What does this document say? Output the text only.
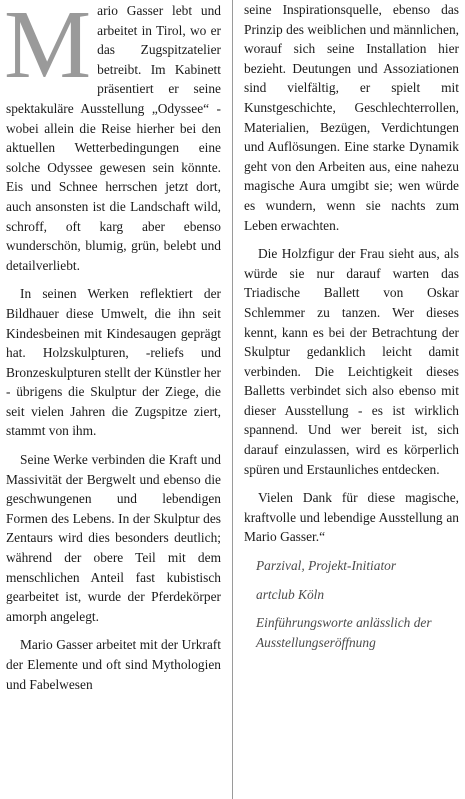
Mario Gasser lebt und arbeitet in Tirol, wo er das Zugspitzatelier betreibt. Im Kabinett präsentiert er seine spektakuläre Ausstellung „Odyssee“ - wobei allein die Reise hierher bei den aktuellen Wetterbedingungen eine solche Odyssee gewesen sein könnte. Eis und Schnee herrschen jetzt dort, auch ansonsten ist die Landschaft wild, schroff, oft karg aber ebenso wunderschön, blumig, grün, belebt und detailverliebt.

In seinen Werken reflektiert der Bildhauer diese Umwelt, die ihn seit Kindesbeinen mit Kindesaugen geprägt hat. Holzskulpturen, -reliefs und Bronzeskulpturen stellt der Künstler her - übrigens die Skulptur der Ziege, die seit vielen Jahren die Zugspitze ziert, stammt von ihm.

Seine Werke verbinden die Kraft und Massivität der Bergwelt und ebenso die geschwungenen und lebendigen Formen des Lebens. In der Skulptur des Zentaurs wird dies besonders deutlich; während der obere Teil mit dem menschlichen Anteil fast kubistisch gearbeitet ist, wurde der Pferdekörper amorph angelegt.

Mario Gasser arbeitet mit der Urkraft der Elemente und oft sind Mythologien und Fabelwesen

seine Inspirationsquelle, ebenso das Prinzip des weiblichen und männlichen, worauf sich seine Installation hier bezieht. Deutungen und Assoziationen sind vielfältig, er spielt mit Kunstgeschichte, Geschlechterrollen, Materialien, Bezügen, Verdichtungen und Auflösungen. Eine starke Dynamik geht von den Arbeiten aus, eine nahezu magische Aura umgibt sie; wen würde es wundern, wenn sie nachts zum Leben erwachten.

Die Holzfigur der Frau sieht aus, als würde sie nur darauf warten das Triadische Ballett von Oskar Schlemmer zu tanzen. Wer dieses kennt, kann es bei der Betrachtung der Skulptur gedanklich leicht damit verbinden. Die Leichtigkeit dieses Balletts verbindet sich also ebenso mit dieser Ausstellung - es ist wirklich spannend. Und wer bereit ist, sich darauf einzulassen, wird es körperlich spüren und Erstaunliches entdecken.

Vielen Dank für diese magische, kraftvolle und lebendige Ausstellung an Mario Gasser.“

Parzival, Projekt-Initiator

artclub Köln

Einführungsworte anlässlich der Ausstellungseröffnung
